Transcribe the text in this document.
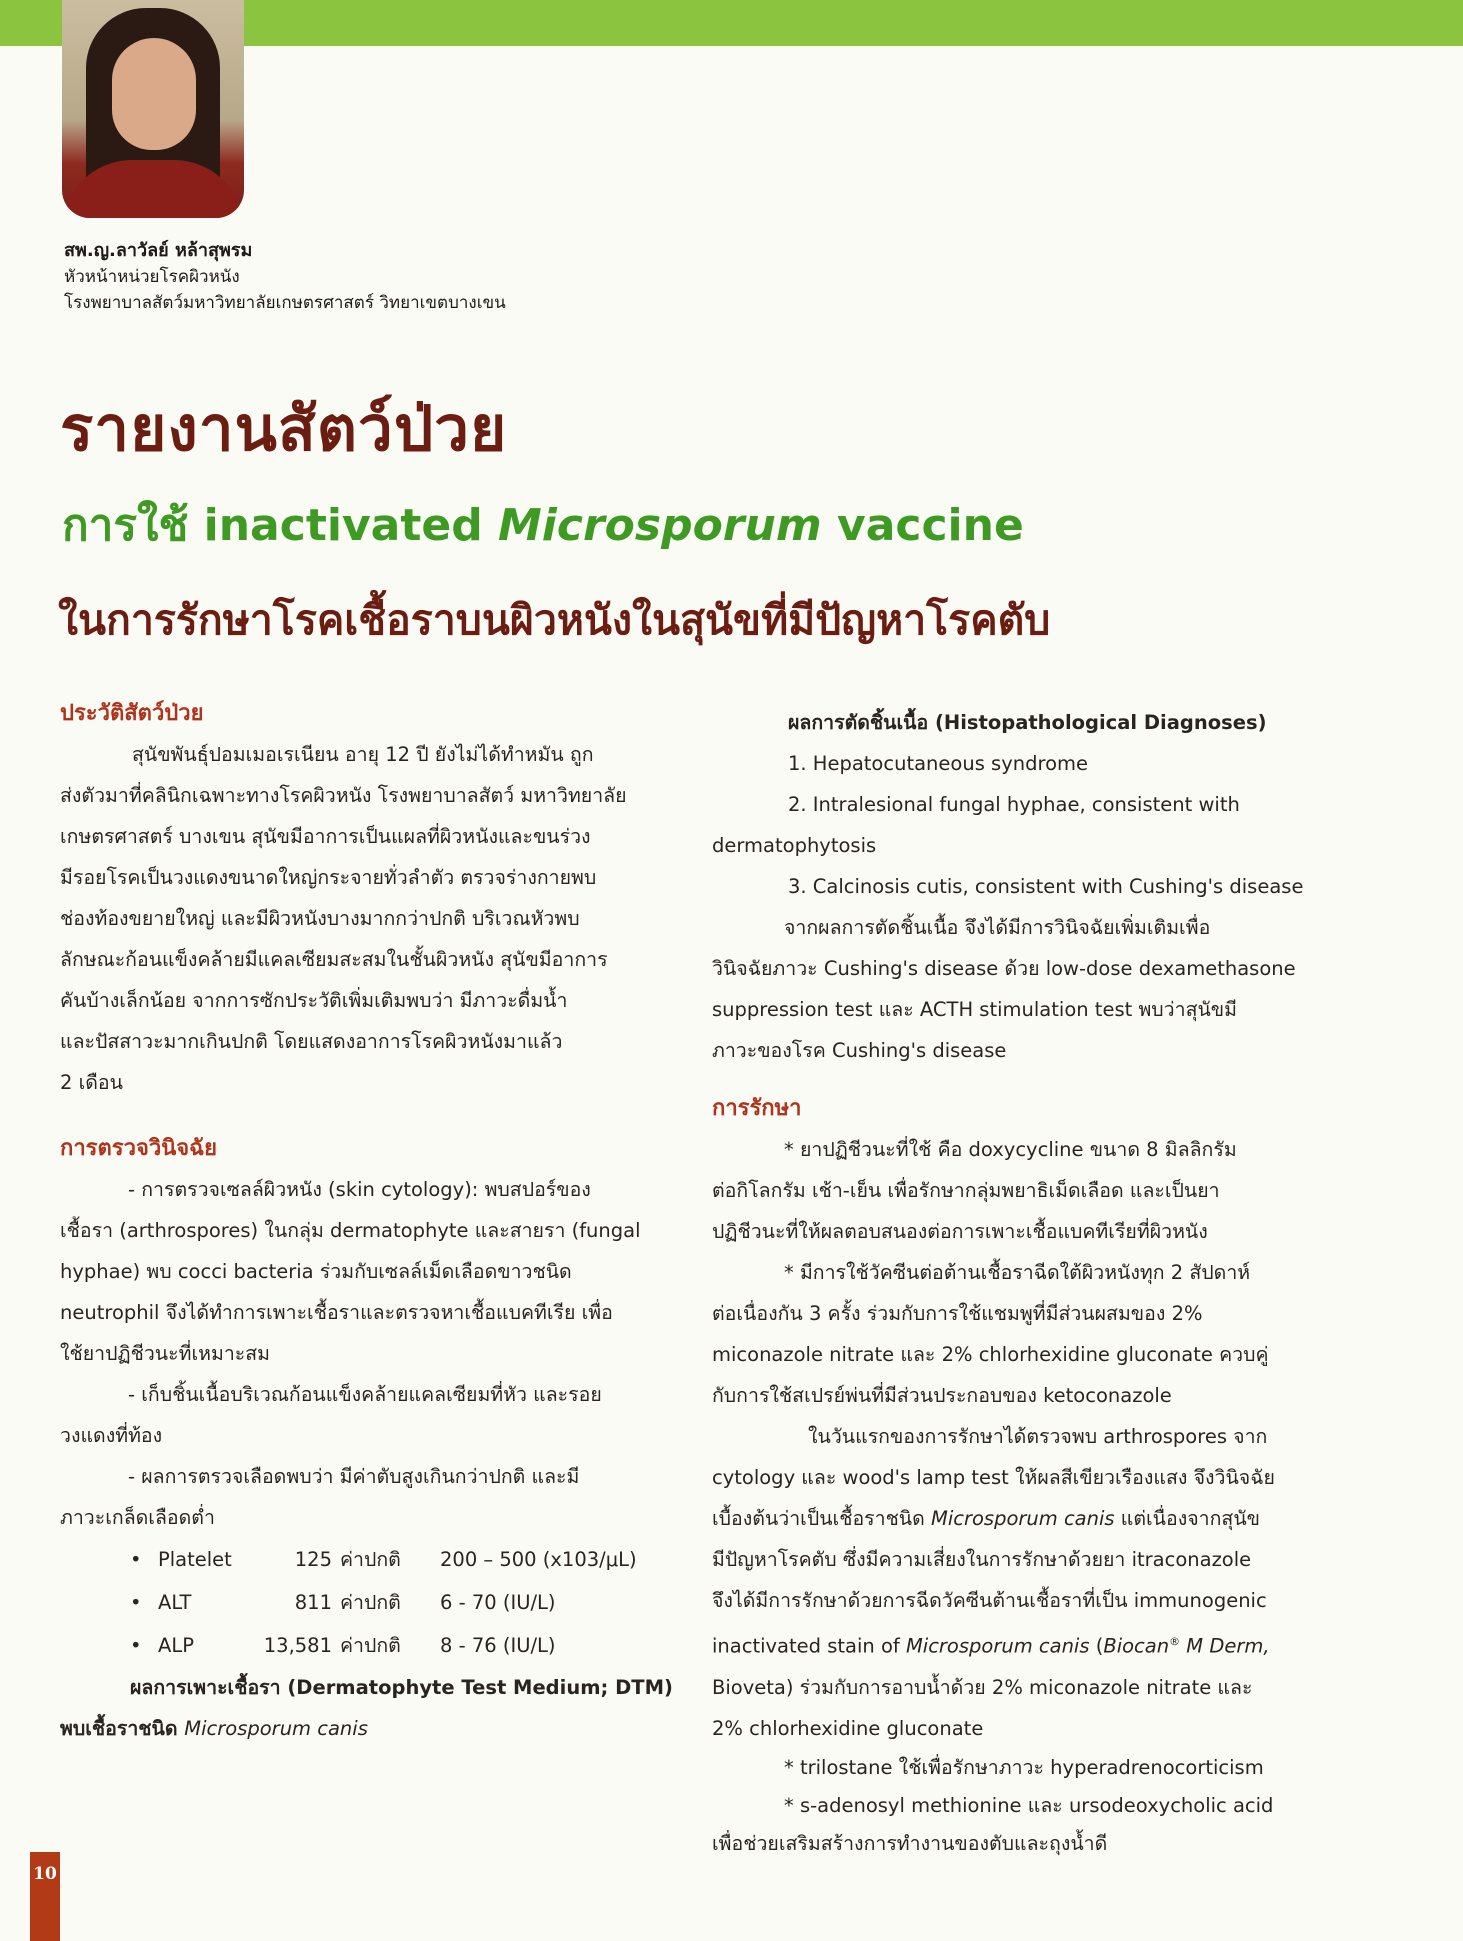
สพ.ญ.ลาวัลย์ หล้าสุพรม
หัวหน้าหน่วยโรคผิวหนัง
โรงพยาบาลสัตว์มหาวิทยาลัยเกษตรศาสตร์ วิทยาเขตบางเขน
รายงานสัตว์ป่วย
การใช้ inactivated Microsporum vaccine
ในการรักษาโรคเชื้อราบนผิวหนังในสุนัขที่มีปัญหาโรคตับ
ประวัติสัตว์ป่วย
สุนัขพันธุ์ปอมเมอเรเนียน อายุ 12 ปี ยังไม่ได้ทำหมัน ถูก
ส่งตัวมาที่คลินิกเฉพาะทางโรคผิวหนัง โรงพยาบาลสัตว์ มหาวิทยาลัย
เกษตรศาสตร์ บางเขน สุนัขมีอาการเป็นแผลที่ผิวหนังและขนร่วง
มีรอยโรคเป็นวงแดงขนาดใหญ่กระจายทั่วลำตัว ตรวจร่างกายพบ
ช่องท้องขยายใหญ่ และมีผิวหนังบางมากกว่าปกติ บริเวณหัวพบ
ลักษณะก้อนแข็งคล้ายมีแคลเซียมสะสมในชั้นผิวหนัง สุนัขมีอาการ
คันบ้างเล็กน้อย จากการซักประวัติเพิ่มเติมพบว่า มีภาวะดื่มน้ำ
และปัสสาวะมากเกินปกติ โดยแสดงอาการโรคผิวหนังมาแล้ว
2 เดือน
การตรวจวินิจฉัย
- การตรวจเซลล์ผิวหนัง (skin cytology): พบสปอร์ของ
เชื้อรา (arthrospores) ในกลุ่ม dermatophyte และสายรา (fungal
hyphae) พบ cocci bacteria ร่วมกับเซลล์เม็ดเลือดขาวชนิด
neutrophil จึงได้ทำการเพาะเชื้อราและตรวจหาเชื้อแบคทีเรีย เพื่อ
ใช้ยาปฏิชีวนะที่เหมาะสม
- เก็บชิ้นเนื้อบริเวณก้อนแข็งคล้ายแคลเซียมที่หัว และรอย
วงแดงที่ท้อง
- ผลการตรวจเลือดพบว่า มีค่าตับสูงเกินกว่าปกติ และมี
ภาวะเกล็ดเลือดต่ำ
• Platelet	125 ค่าปกติ	200 – 500 (x103/μL)
• ALT	811 ค่าปกติ	6 - 70 (IU/L)
• ALP	13,581 ค่าปกติ	8 - 76 (IU/L)
ผลการเพาะเชื้อรา (Dermatophyte Test Medium; DTM)
พบเชื้อราชนิด Microsporum canis
ผลการตัดชิ้นเนื้อ (Histopathological Diagnoses)
1. Hepatocutaneous syndrome
2. Intralesional fungal hyphae, consistent with
dermatophytosis
3. Calcinosis cutis, consistent with Cushing's disease
จากผลการตัดชิ้นเนื้อ จึงได้มีการวินิจฉัยเพิ่มเติมเพื่อ
วินิจฉัยภาวะ Cushing's disease ด้วย low-dose dexamethasone
suppression test และ ACTH stimulation test พบว่าสุนัขมี
ภาวะของโรค Cushing's disease
การรักษา
* ยาปฏิชีวนะที่ใช้ คือ doxycycline ขนาด 8 มิลลิกรัม
ต่อกิโลกรัม เช้า-เย็น เพื่อรักษากลุ่มพยาธิเม็ดเลือด และเป็นยา
ปฏิชีวนะที่ให้ผลตอบสนองต่อการเพาะเชื้อแบคทีเรียที่ผิวหนัง
* มีการใช้วัคซีนต่อต้านเชื้อราฉีดใต้ผิวหนังทุก 2 สัปดาห์
ต่อเนื่องกัน 3 ครั้ง ร่วมกับการใช้แชมพูที่มีส่วนผสมของ 2%
miconazole nitrate และ 2% chlorhexidine gluconate ควบคู่
กับการใช้สเปรย์พ่นที่มีส่วนประกอบของ ketoconazole
ในวันแรกของการรักษาได้ตรวจพบ arthrospores จาก
cytology และ wood's lamp test ให้ผลสีเขียวเรืองแสง จึงวินิจฉัย
เบื้องต้นว่าเป็นเชื้อราชนิด Microsporum canis แต่เนื่องจากสุนัข
มีปัญหาโรคตับ ซึ่งมีความเสี่ยงในการรักษาด้วยยา itraconazole
จึงได้มีการรักษาด้วยการฉีดวัคซีนต้านเชื้อราที่เป็น immunogenic
inactivated stain of Microsporum canis (Biocan® M Derm,
Bioveta) ร่วมกับการอาบน้ำด้วย 2% miconazole nitrate และ
2% chlorhexidine gluconate
* trilostane ใช้เพื่อรักษาภาวะ hyperadrenocorticism
* s-adenosyl methionine และ ursodeoxycholic acid
เพื่อช่วยเสริมสร้างการทำงานของตับและถุงน้ำดี
10
